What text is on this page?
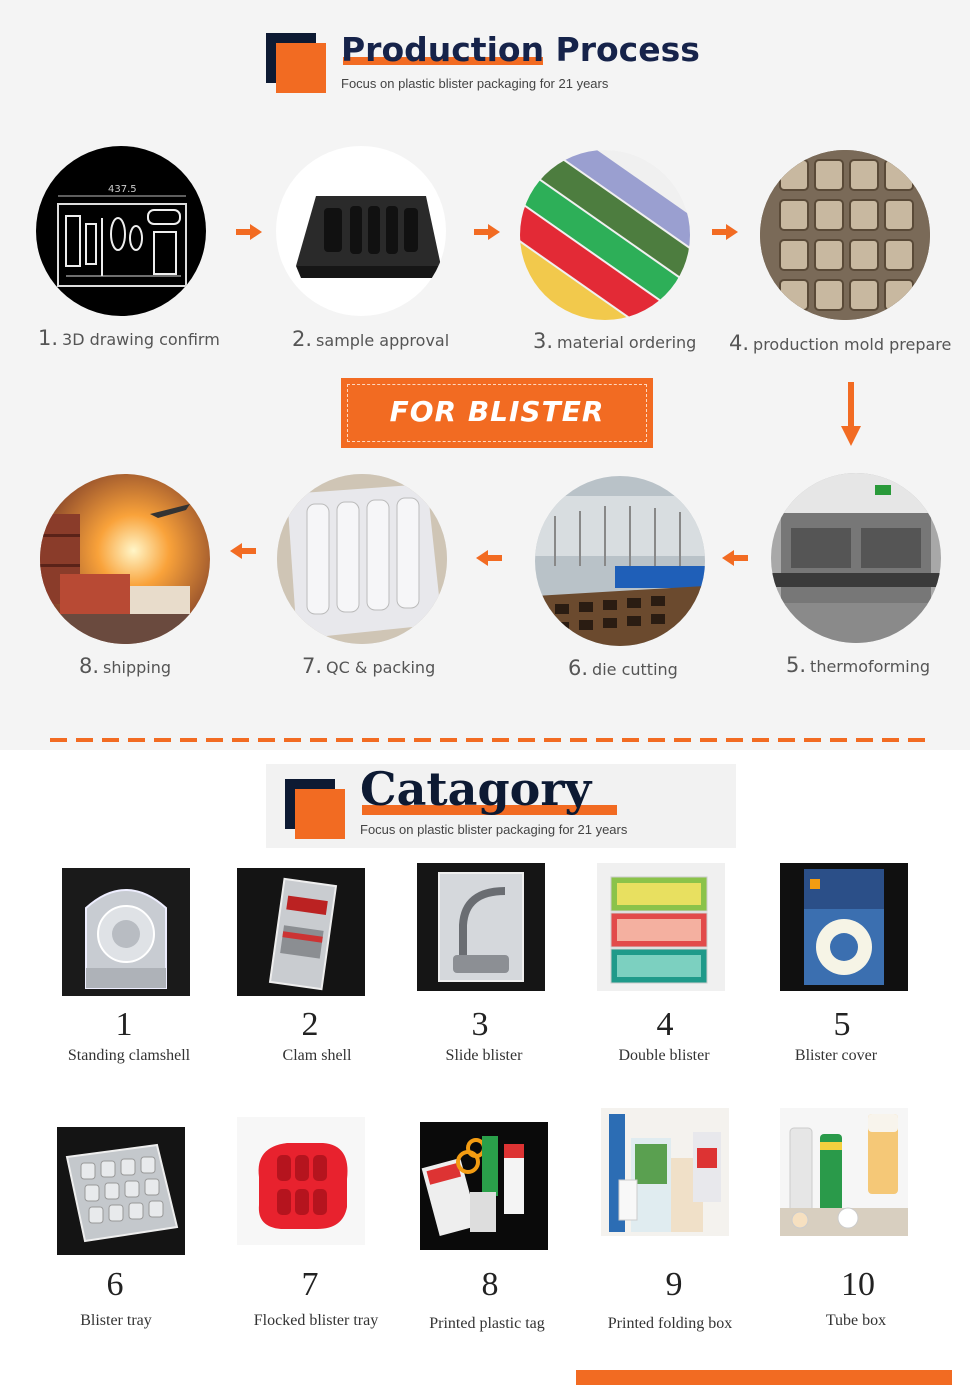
Production Process
Focus on plastic blister packaging for 21 years
437.5
1. 3D drawing confirm	2. sample approval	3. material ordering 4. production mold prepare
FOR BLISTER
8. shipping	7. QC & packing	6. die cutting	5. thermoforming
Catagory
Focus on plastic blister packaging for 21 years
1	2	3	4	5
Standing clamshell	Clam shell	Slide blister	Double blister	Blister cover
6	7	8	9	10
Blister tray	Flocked blister tray	Printed plastic tag	Printed folding box	Tube box
